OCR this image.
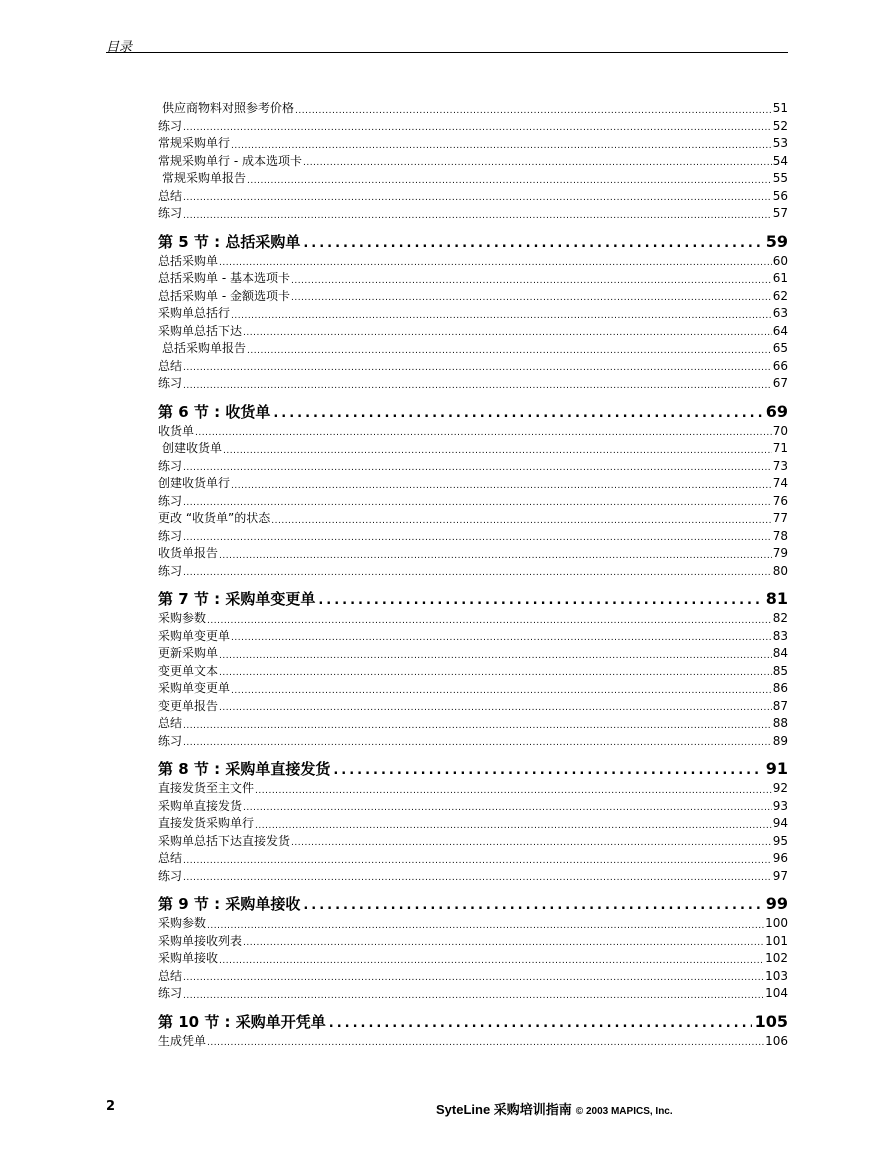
目录
供应商物料对照参考价格 .....	51
练习 .....	52
常规采购单行 .....	53
常规采购单行 - 成本选项卡 .....	54
常规采购单报告 .....	55
总结 .....	56
练习 .....	57
第 5 节 : 总括采购单 .....	59
总括采购单 .....	60
总括采购单 - 基本选项卡 .....	61
总括采购单 - 金额选项卡 .....	62
采购单总括行 .....	63
采购单总括下达 .....	64
总括采购单报告 .....	65
总结 .....	66
练习 .....	67
第 6 节 : 收货单 .....	69
收货单 .....	70
创建收货单 .....	71
练习 .....	73
创建收货单行 .....	74
练习 .....	76
更改 “收货单”的状态 .....	77
练习 .....	78
收货单报告 .....	79
练习 .....	80
第 7 节 : 采购单变更单 .....	81
采购参数 .....	82
采购单变更单 .....	83
更新采购单 .....	84
变更单文本 .....	85
采购单变更单 .....	86
变更单报告 .....	87
总结 .....	88
练习 .....	89
第 8 节 : 采购单直接发货 .....	91
直接发货至主文件 .....	92
采购单直接发货 .....	93
直接发货采购单行 .....	94
采购单总括下达直接发货 .....	95
总结 .....	96
练习 .....	97
第 9 节 : 采购单接收 .....	99
采购参数 .....	100
采购单接收列表 .....	101
采购单接收 .....	102
总结 .....	103
练习 .....	104
第 10 节 : 采购单开凭单 .....	105
生成凭单 .....	106
2	SyteLine 采购培训指南 © 2003 MAPICS, Inc.
